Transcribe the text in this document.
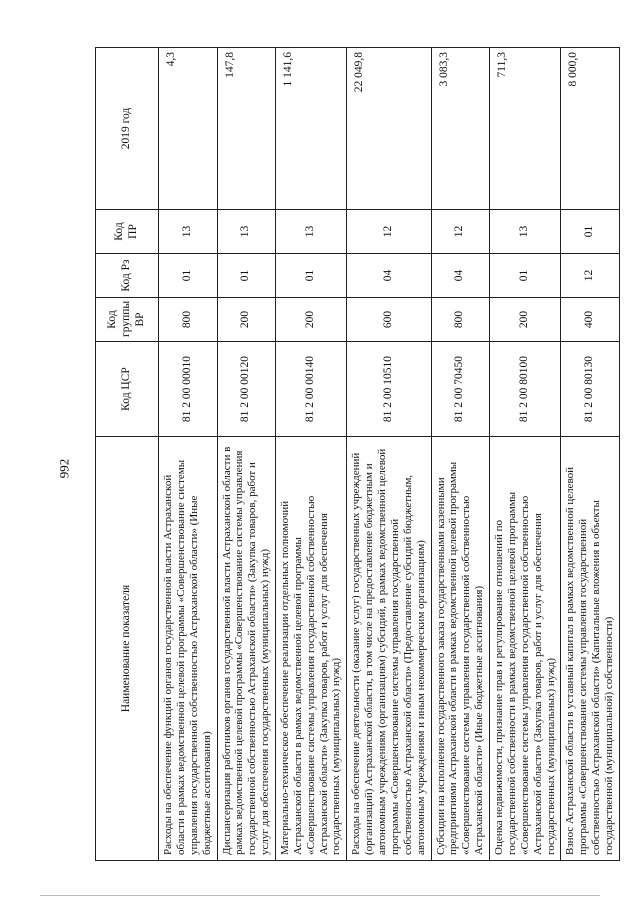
992
Наименование показателя	Код ЦСР	Код группы ВР	Код Рз	Код ПР	2019 год
Расходы на обеспечение функций органов государственной власти Астраханской области в рамках ведомственной целевой программы «Совершенствование системы управления государственной собственностью Астраханской области» (Иные бюджетные ассигнования)	81 2 00 00010	800	01	13	4,3
Диспансеризация работников органов государственной власти Астраханской области в рамках ведомственной целевой программы «Совершенствование системы управления государственной собственностью Астраханской области» (Закупка товаров, работ и услуг для обеспечения государственных (муниципальных) нужд)	81 2 00 00120	200	01	13	147,8
Материально-техническое обеспечение реализации отдельных полномочий Астраханской области в рамках ведомственной целевой программы «Совершенствование системы управления государственной собственностью Астраханской области» (Закупка товаров, работ и услуг для обеспечения государственных (муниципальных) нужд)	81 2 00 00140	200	01	13	1 141,6
Расходы на обеспечение деятельности (оказание услуг) государственных учреждений (организаций) Астраханской области, в том числе на предоставление бюджетным и автономным учреждениям (организациям) субсидий, в рамках ведомственной целевой программы «Совершенствование системы управления государственной собственностью Астраханской области» (Предоставление субсидий бюджетным, автономным учреждениям и иным некоммерческим организациям)	81 2 00 10510	600	04	12	22 049,8
Субсидии на исполнение государственного заказа государственными казенными предприятиями Астраханской области в рамках ведомственной целевой программы «Совершенствование системы управления государственной собственностью Астраханской области» (Иные бюджетные ассигнования)	81 2 00 70450	800	04	12	3 083,3
Оценка недвижимости, признание прав и регулирование отношений по государственной собственности в рамках ведомственной целевой программы «Совершенствование системы управления государственной собственностью Астраханской области» (Закупка товаров, работ и услуг для обеспечения государственных (муниципальных) нужд)	81 2 00 80100	200	01	13	711,3
Взнос Астраханской области в уставный капитал в рамках ведомственной целевой программы «Совершенствование системы управления государственной собственностью Астраханской области» (Капитальные вложения в объекты государственной (муниципальной) собственности)	81 2 00 80130	400	12	01	8 000,0
